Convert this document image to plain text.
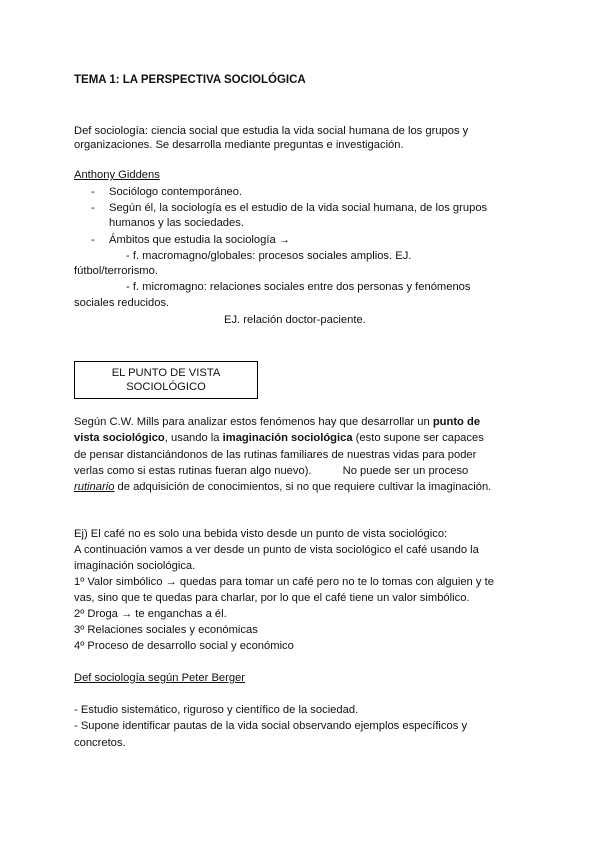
TEMA 1: LA PERSPECTIVA SOCIOLÓGICA
Def sociología: ciencia social que estudia la vida social humana de los grupos y
organizaciones. Se desarrolla mediante preguntas e investigación.
Anthony Giddens
- Sociólogo contemporáneo.
- Según él, la sociología es el estudio de la vida social humana, de los grupos
humanos y las sociedades.
- Ámbitos que estudia la sociología →
- f. macromagno/globales: procesos sociales amplios. EJ.
fútbol/terrorismo.
- f. micromagno: relaciones sociales entre dos personas y fenómenos
sociales reducidos.
EJ. relación doctor-paciente.
EL PUNTO DE VISTA
SOCIOLÓGICO
Según C.W. Mills para analizar estos fenómenos hay que desarrollar un punto de
vista sociológico, usando la imaginación sociológica (esto supone ser capaces
de pensar distanciándonos de las rutinas familiares de nuestras vidas para poder
verlas como si estas rutinas fueran algo nuevo).          No puede ser un proceso
rutinario de adquisición de conocimientos, si no que requiere cultivar la imaginación.
Ej) El café no es solo una bebida visto desde un punto de vista sociológico:
A continuación vamos a ver desde un punto de vista sociológico el café usando la
imaginación sociológica.
1º Valor simbólico → quedas para tomar un café pero no te lo tomas con alguien y te
vas, sino que te quedas para charlar, por lo que el café tiene un valor simbólico.
2º Droga → te enganchas a él.
3º Relaciones sociales y económicas
4º Proceso de desarrollo social y económico
Def sociología según Peter Berger
- Estudio sistemático, riguroso y científico de la sociedad.
- Supone identificar pautas de la vida social observando ejemplos específicos y
concretos.
